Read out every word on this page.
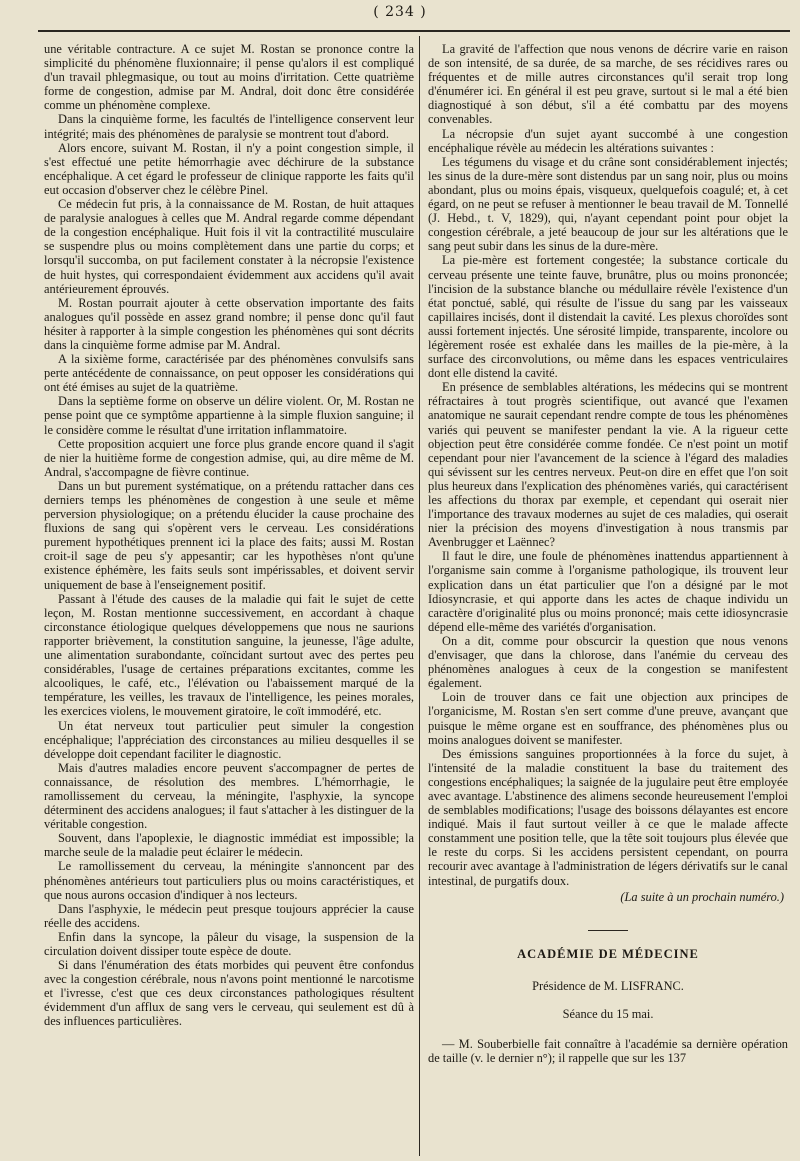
( 234 )

une véritable contracture. A ce sujet M. Rostan se prononce contre la simplicité du phénomène fluxionnaire; il pense qu'alors il est compliqué d'un travail phlegmasique, ou tout au moins d'irritation. Cette quatrième forme de congestion, admise par M. Andral, doit donc être considérée comme un phénomène complexe.

Dans la cinquième forme, les facultés de l'intelligence conservent leur intégrité; mais des phénomènes de paralysie se montrent tout d'abord.

Alors encore, suivant M. Rostan, il n'y a point congestion simple, il s'est effectué une petite hémorrhagie avec déchirure de la substance encéphalique. A cet égard le professeur de clinique rapporte les faits qu'il eut occasion d'observer chez le célèbre Pinel.

Ce médecin fut pris, à la connaissance de M. Rostan, de huit attaques de paralysie analogues à celles que M. Andral regarde comme dépendant de la congestion encéphalique. Huit fois il vit la contractilité musculaire se suspendre plus ou moins complètement dans une partie du corps; et lorsqu'il succomba, on put facilement constater à la nécropsie l'existence de huit hystes, qui correspondaient évidemment aux accidens qu'il avait antérieurement éprouvés.

M. Rostan pourrait ajouter à cette observation importante des faits analogues qu'il possède en assez grand nombre; il pense donc qu'il faut hésiter à rapporter à la simple congestion les phénomènes qui sont décrits dans la cinquième forme admise par M. Andral.

A la sixième forme, caractérisée par des phénomènes convulsifs sans perte antécédente de connaissance, on peut opposer les considérations qui ont été émises au sujet de la quatrième.

Dans la septième forme on observe un délire violent. Or, M. Rostan ne pense point que ce symptôme appartienne à la simple fluxion sanguine; il le considère comme le résultat d'une irritation inflammatoire.

Cette proposition acquiert une force plus grande encore quand il s'agit de nier la huitième forme de congestion admise, qui, au dire même de M. Andral, s'accompagne de fièvre continue.

Dans un but purement systématique, on a prétendu rattacher dans ces derniers temps les phénomènes de congestion à une seule et même perversion physiologique; on a prétendu élucider la cause prochaine des fluxions de sang qui s'opèrent vers le cerveau. Les considérations purement hypothétiques prennent ici la place des faits; aussi M. Rostan croit-il sage de peu s'y appesantir; car les hypothèses n'ont qu'une existence éphémère, les faits seuls sont impérissables, et doivent servir uniquement de base à l'enseignement positif.

Passant à l'étude des causes de la maladie qui fait le sujet de cette leçon, M. Rostan mentionne successivement, en accordant à chaque circonstance étiologique quelques développemens que nous ne saurions rapporter brièvement, la constitution sanguine, la jeunesse, l'âge adulte, une alimentation surabondante, coïncidant surtout avec des pertes peu considérables, l'usage de certaines préparations excitantes, comme les alcooliques, le café, etc., l'élévation ou l'abaissement marqué de la température, les veilles, les travaux de l'intelligence, les peines morales, les exercices violens, le mouvement giratoire, le coït immodéré, etc.

Un état nerveux tout particulier peut simuler la congestion encéphalique; l'appréciation des circonstances au milieu desquelles il se développe doit cependant faciliter le diagnostic.

Mais d'autres maladies encore peuvent s'accompagner de pertes de connaissance, de résolution des membres. L'hémorrhagie, le ramollissement du cerveau, la méningite, l'asphyxie, la syncope déterminent des accidens analogues; il faut s'attacher à les distinguer de la véritable congestion.

Souvent, dans l'apoplexie, le diagnostic immédiat est impossible; la marche seule de la maladie peut éclairer le médecin.

Le ramollissement du cerveau, la méningite s'annoncent par des phénomènes antérieurs tout particuliers plus ou moins caractéristiques, et que nous aurons occasion d'indiquer à nos lecteurs.

Dans l'asphyxie, le médecin peut presque toujours apprécier la cause réelle des accidens.

Enfin dans la syncope, la pâleur du visage, la suspension de la circulation doivent dissiper toute espèce de doute.

Si dans l'énumération des états morbides qui peuvent être confondus avec la congestion cérébrale, nous n'avons point mentionné le narcotisme et l'ivresse, c'est que ces deux circonstances pathologiques résultent évidemment d'un afflux de sang vers le cerveau, qui seulement est dû à des influences particulières.

La gravité de l'affection que nous venons de décrire varie en raison de son intensité, de sa durée, de sa marche, de ses récidives rares ou fréquentes et de mille autres circonstances qu'il serait trop long d'énumérer ici. En général il est peu grave, surtout si le mal a été bien diagnostiqué à son début, s'il a été combattu par des moyens convenables.

La nécropsie d'un sujet ayant succombé à une congestion encéphalique révèle au médecin les altérations suivantes :

Les tégumens du visage et du crâne sont considérablement injectés; les sinus de la dure-mère sont distendus par un sang noir, plus ou moins abondant, plus ou moins épais, visqueux, quelquefois coagulé; et, à cet égard, on ne peut se refuser à mentionner le beau travail de M. Tonnellé (J. Hebd., t. V, 1829), qui, n'ayant cependant point pour objet la congestion cérébrale, a jeté beaucoup de jour sur les altérations que le sang peut subir dans les sinus de la dure-mère.

La pie-mère est fortement congestée; la substance corticale du cerveau présente une teinte fauve, brunâtre, plus ou moins prononcée; l'incision de la substance blanche ou médullaire révèle l'existence d'un état ponctué, sablé, qui résulte de l'issue du sang par les vaisseaux capillaires incisés, dont il distendait la cavité. Les plexus choroïdes sont aussi fortement injectés. Une sérosité limpide, transparente, incolore ou légèrement rosée est exhalée dans les mailles de la pie-mère, à la surface des circonvolutions, ou même dans les espaces ventriculaires dont elle distend la cavité.

En présence de semblables altérations, les médecins qui se montrent réfractaires à tout progrès scientifique, out avancé que l'examen anatomique ne saurait cependant rendre compte de tous les phénomènes variés qui peuvent se manifester pendant la vie. A la rigueur cette objection peut être considérée comme fondée. Ce n'est point un motif cependant pour nier l'avancement de la science à l'égard des maladies qui sévissent sur les centres nerveux. Peut-on dire en effet que l'on soit plus heureux dans l'explication des phénomènes variés, qui caractérisent les affections du thorax par exemple, et cependant qui oserait nier l'importance des travaux modernes au sujet de ces maladies, qui oserait nier la précision des moyens d'investigation à nous transmis par Avenbrugger et Laënnec?

Il faut le dire, une foule de phénomènes inattendus appartiennent à l'organisme sain comme à l'organisme pathologique, ils trouvent leur explication dans un état particulier que l'on a désigné par le mot Idiosyncrasie, et qui apporte dans les actes de chaque individu un caractère d'originalité plus ou moins prononcé; mais cette idiosyncrasie dépend elle-même des variétés d'organisation.

On a dit, comme pour obscurcir la question que nous venons d'envisager, que dans la chlorose, dans l'anémie du cerveau des phénomènes analogues à ceux de la congestion se manifestent également.

Loin de trouver dans ce fait une objection aux principes de l'organicisme, M. Rostan s'en sert comme d'une preuve, avançant que puisque le même organe est en souffrance, des phénomènes plus ou moins analogues doivent se manifester.

Des émissions sanguines proportionnées à la force du sujet, à l'intensité de la maladie constituent la base du traitement des congestions encéphaliques; la saignée de la jugulaire peut être employée avec avantage. L'abstinence des alimens seconde heureusement l'emploi de semblables modifications; l'usage des boissons délayantes est encore indiqué. Mais il faut surtout veiller à ce que le malade affecte constamment une position telle, que la tête soit toujours plus élevée que le reste du corps. Si les accidens persistent cependant, on pourra recourir avec avantage à l'administration de légers dérivatifs sur le canal intestinal, de purgatifs doux.

(La suite à un prochain numéro.)
ACADÉMIE DE MÉDECINE
Présidence de M. LISFRANC.
Séance du 15 mai.

— M. Souberbielle fait connaître à l'académie sa dernière opération de taille (v. le dernier n°); il rappelle que sur les 137
